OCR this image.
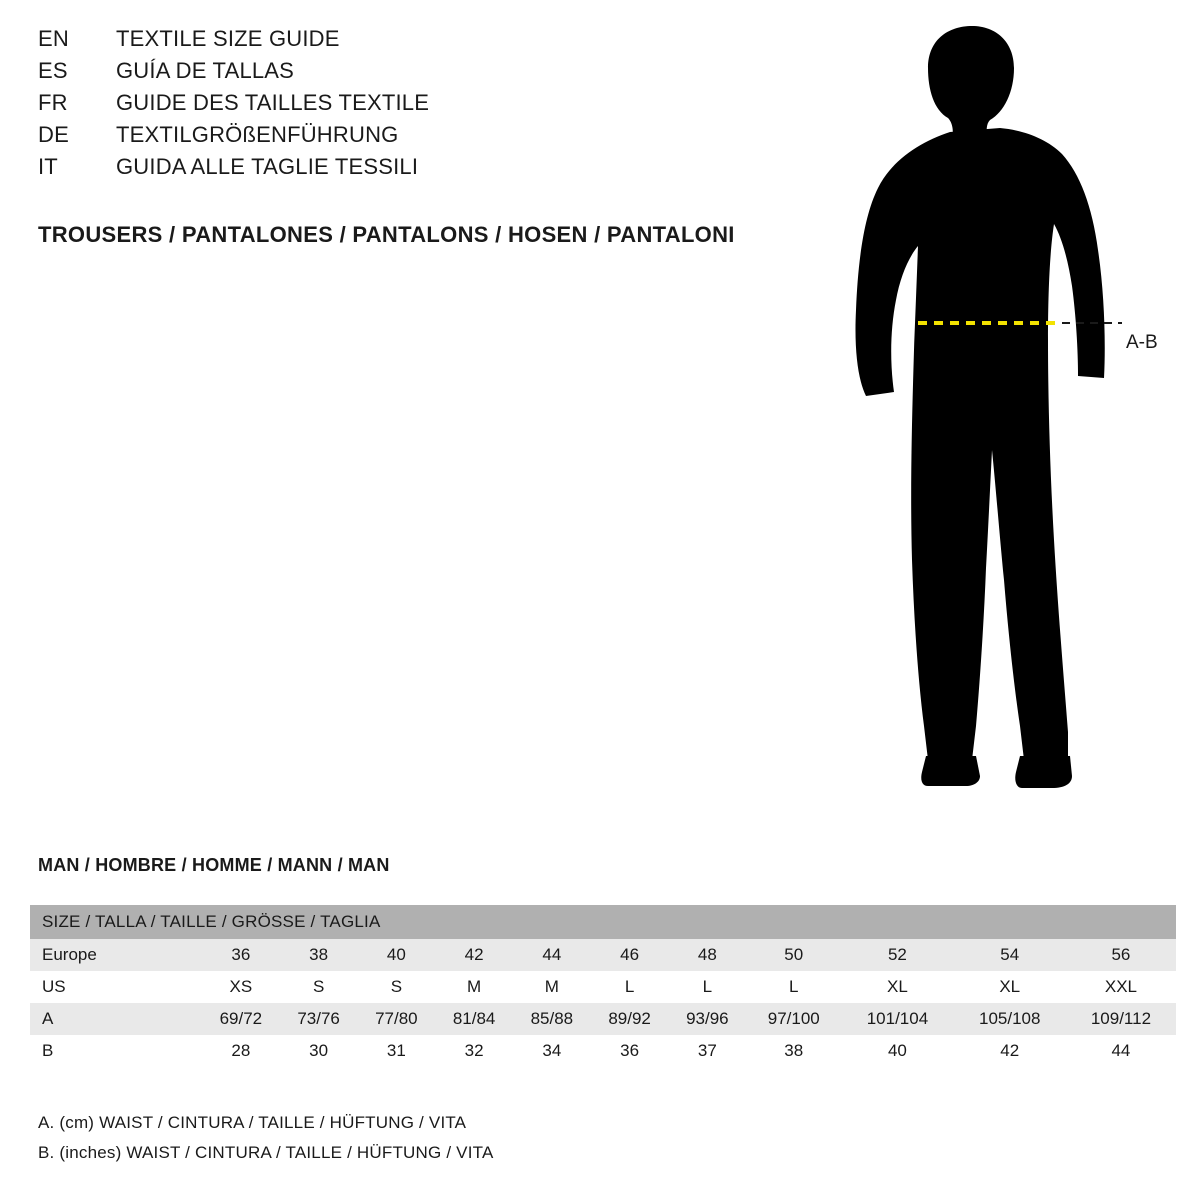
EN	TEXTILE SIZE GUIDE
ES	GUÍA DE TALLAS
FR	GUIDE DES TAILLES TEXTILE
DE	TEXTILGRÖßENFÜHRUNG
IT	GUIDA ALLE TAGLIE TESSILI
TROUSERS / PANTALONES / PANTALONS / HOSEN / PANTALONI
A-B
MAN / HOMBRE / HOMME / MANN / MAN
SIZE / TALLA / TAILLE / GRÖSSE / TAGLIA											
Europe	36	38	40	42	44	46	48	50	52	54	56
US	XS	S	S	M	M	L	L	L	XL	XL	XXL
A	69/72	73/76	77/80	81/84	85/88	89/92	93/96	97/100	101/104	105/108	109/112
B	28	30	31	32	34	36	37	38	40	42	44
A. (cm) WAIST / CINTURA / TAILLE / HÜFTUNG / VITA
B. (inches) WAIST / CINTURA / TAILLE / HÜFTUNG / VITA
